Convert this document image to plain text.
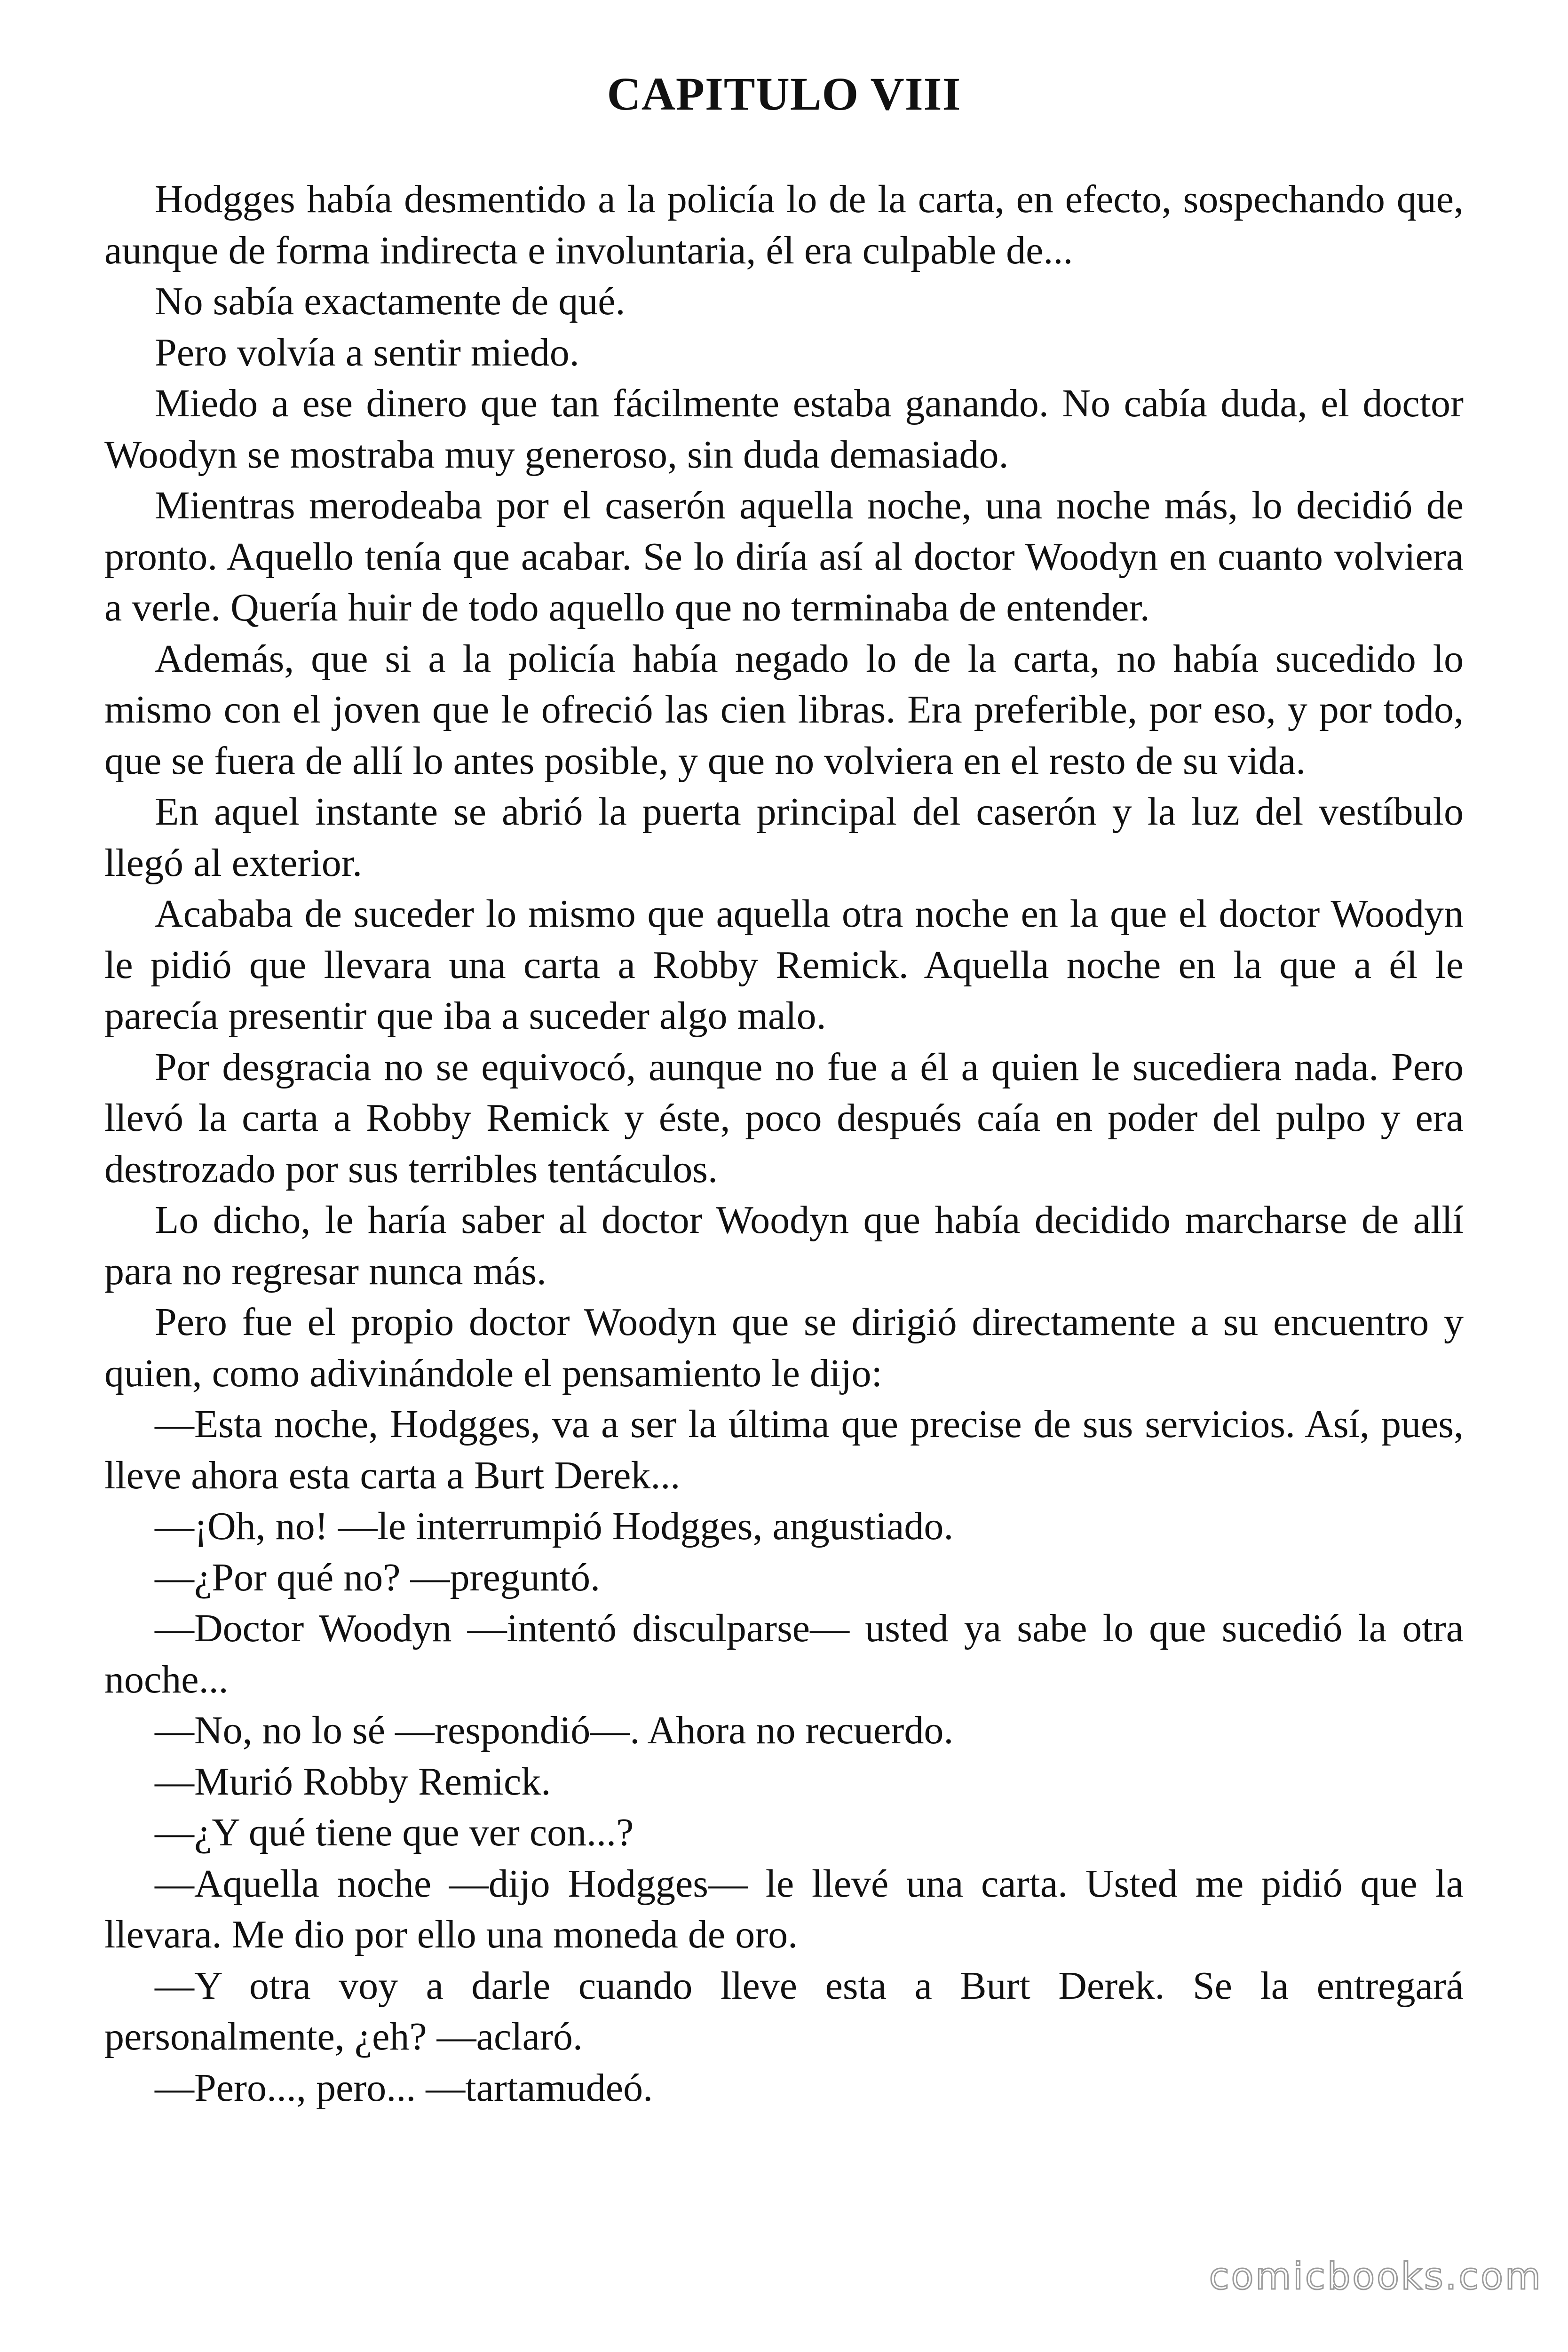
CAPITULO VIII

Hodgges había desmentido a la policía lo de la carta, en efecto, sospechando que, aunque de forma indirecta e involuntaria, él era culpable de...

No sabía exactamente de qué.

Pero volvía a sentir miedo.

Miedo a ese dinero que tan fácilmente estaba ganando. No cabía duda, el doctor Woodyn se mostraba muy generoso, sin duda demasiado.

Mientras merodeaba por el caserón aquella noche, una noche más, lo decidió de pronto. Aquello tenía que acabar. Se lo diría así al doctor Woodyn en cuanto volviera a verle. Quería huir de todo aquello que no terminaba de entender.

Además, que si a la policía había negado lo de la carta, no había sucedido lo mismo con el joven que le ofreció las cien libras. Era preferible, por eso, y por todo, que se fuera de allí lo antes posible, y que no volviera en el resto de su vida.

En aquel instante se abrió la puerta principal del caserón y la luz del vestíbulo llegó al exterior.

Acababa de suceder lo mismo que aquella otra noche en la que el doctor Woodyn le pidió que llevara una carta a Robby Remick. Aquella noche en la que a él le parecía presentir que iba a suceder algo malo.

Por desgracia no se equivocó, aunque no fue a él a quien le sucediera nada. Pero llevó la carta a Robby Remick y éste, poco después caía en poder del pulpo y era destrozado por sus terribles tentáculos.

Lo dicho, le haría saber al doctor Woodyn que había decidido marcharse de allí para no regresar nunca más.

Pero fue el propio doctor Woodyn que se dirigió directamente a su encuentro y quien, como adivinándole el pensamiento le dijo:

—Esta noche, Hodgges, va a ser la última que precise de sus servicios. Así, pues, lleve ahora esta carta a Burt Derek...

—¡Oh, no! —le interrumpió Hodgges, angustiado.

—¿Por qué no? —preguntó.

—Doctor Woodyn —intentó disculparse— usted ya sabe lo que sucedió la otra noche...

—No, no lo sé —respondió—. Ahora no recuerdo.

—Murió Robby Remick.

—¿Y qué tiene que ver con...?

—Aquella noche —dijo Hodgges— le llevé una carta. Usted me pidió que la llevara. Me dio por ello una moneda de oro.

—Y otra voy a darle cuando lleve esta a Burt Derek. Se la entregará personalmente, ¿eh? —aclaró.

—Pero..., pero... —tartamudeó.

comicbooks.com
